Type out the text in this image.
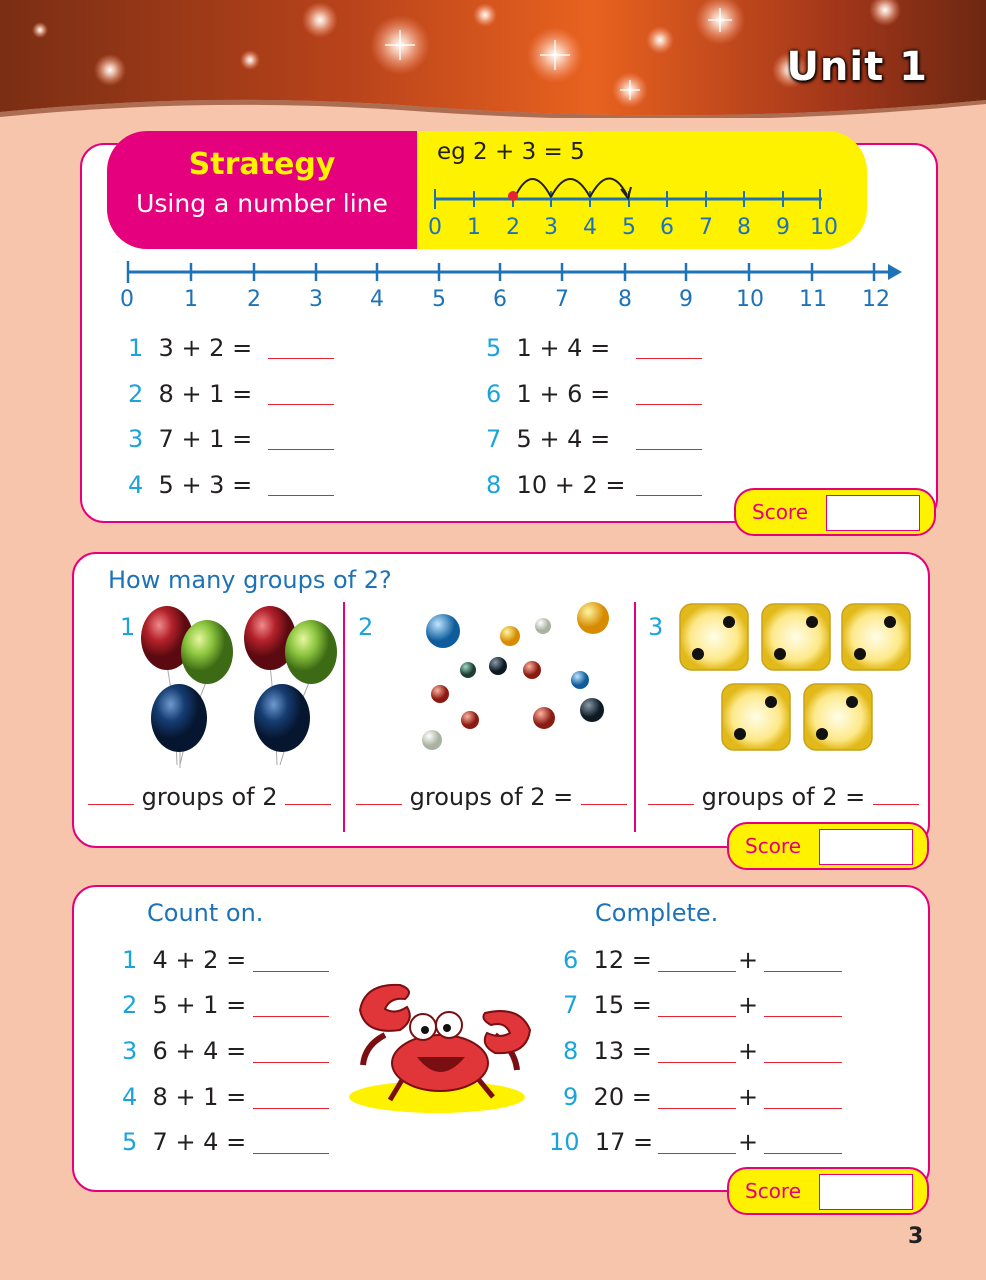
Unit 1
Strategy
Using a number line
eg 2 + 3 = 5
0 1 2 3 4 5 6 7 8 9 10
0	1	2	3	4	5	6	7	8	9	10 11 12
1 3 + 2 =
2 8 + 1 =
3 7 + 1 =
4 5 + 3 =
5 1 + 4 =
6 1 + 6 =
7 5 + 4 =
8 10 + 2 =
Score
How many groups of 2?
1	2	3
groups of 2	groups of 2 =	groups of 2 =
Score
Count on.	Complete.
1 4 + 2 =
2 5 + 1 =
3 6 + 4 =
4 8 + 1 =
5 7 + 4 =
6 12 =
7 15 =
8 13 =
9 20 =
10 17 =
+
+
+
+
+
Score
3
